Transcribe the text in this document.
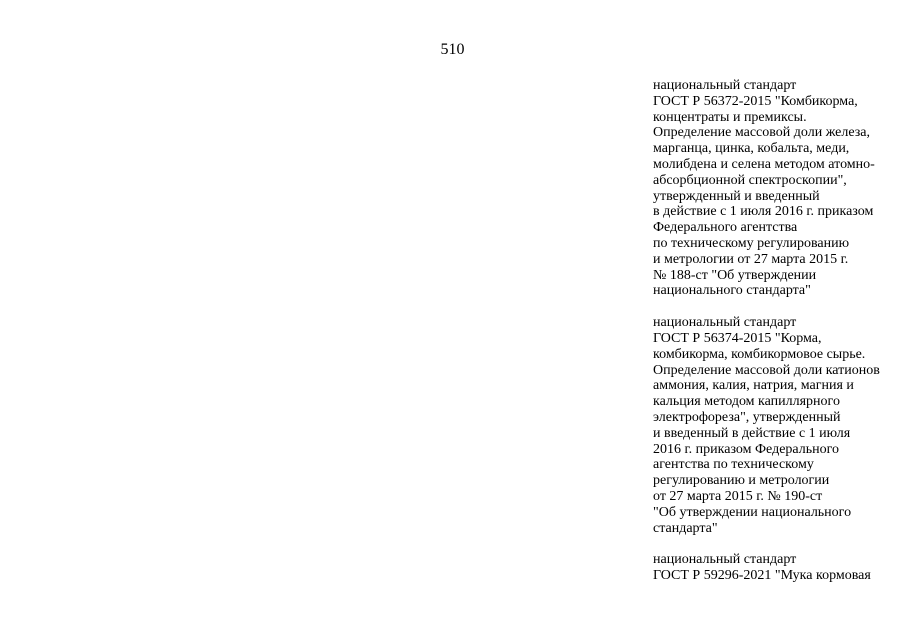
510
национальный стандарт
ГОСТ Р 56372-2015 "Комбикорма,
концентраты и премиксы.
Определение массовой доли железа,
марганца, цинка, кобальта, меди,
молибдена и селена методом атомно-
абсорбционной спектроскопии",
утвержденный и введенный
в действие с 1 июля 2016 г. приказом
Федерального агентства
по техническому регулированию
и метрологии от 27 марта 2015 г.
№ 188-ст "Об утверждении
национального стандарта"
национальный стандарт
ГОСТ Р 56374-2015 "Корма,
комбикорма, комбикормовое сырье.
Определение массовой доли катионов
аммония, калия, натрия, магния и
кальция методом капиллярного
электрофореза", утвержденный
и введенный в действие с 1 июля
2016 г. приказом Федерального
агентства по техническому
регулированию и метрологии
от 27 марта 2015 г. № 190-ст
"Об утверждении национального
стандарта"
национальный стандарт
ГОСТ Р 59296-2021 "Мука кормовая
